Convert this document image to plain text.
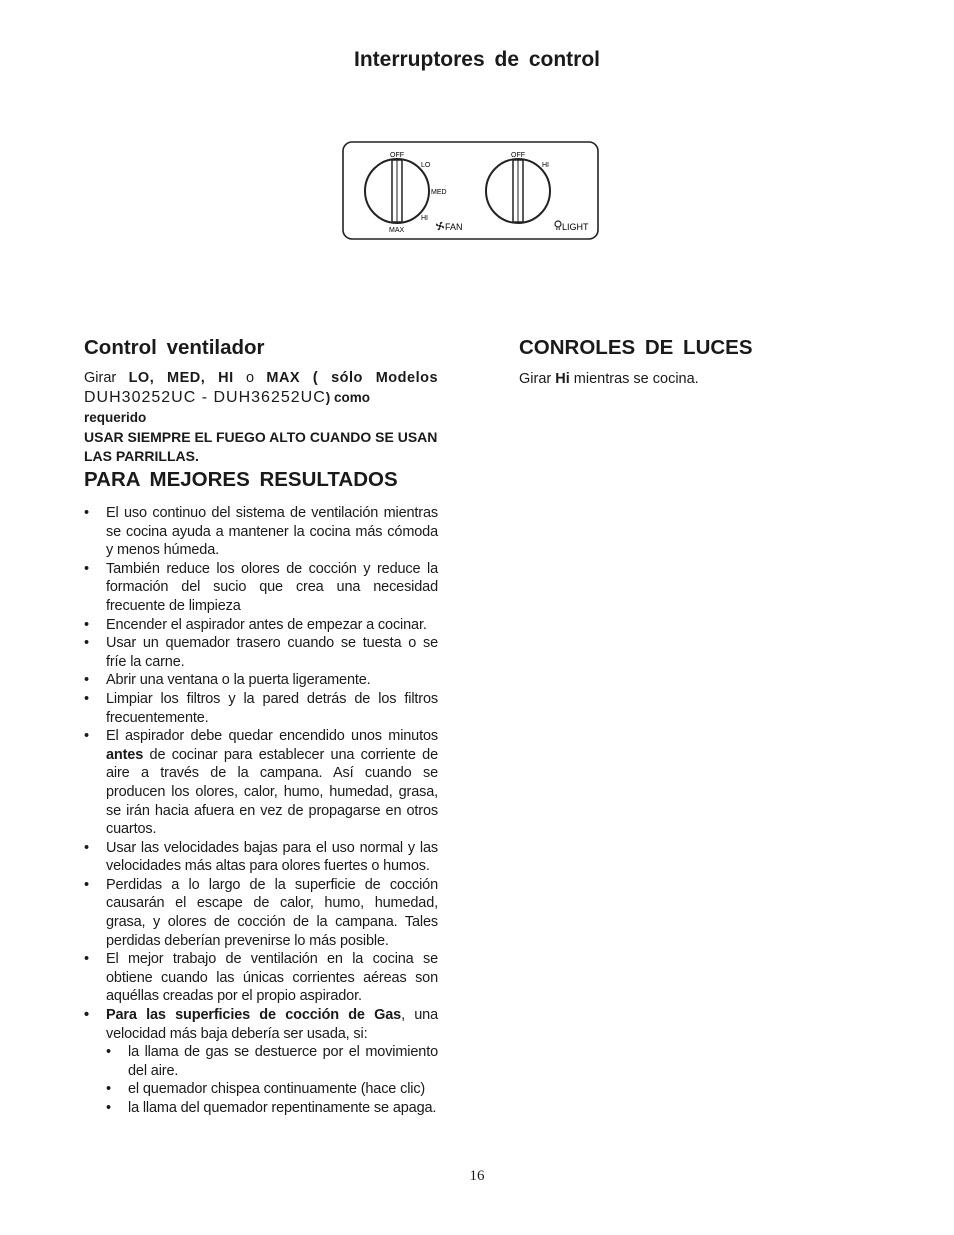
Interruptores de control
OFF
LO
MED
HI
MAX	FAN
OFF
HI
LIGHT
Control ventilador
Girar LO, MED, HI o MAX ( sólo Modelos DUH30252UC - DUH36252UC) como
requerido
USAR SIEMPRE EL FUEGO ALTO CUANDO SE USAN LAS PARRILLAS.
PARA MEJORES RESULTADOS
• El uso continuo del sistema de ventilación mientras se cocina ayuda a mantener la cocina más cómoda y menos húmeda.
• También reduce los olores de cocción y reduce la formación del sucio que crea una necesidad frecuente de limpieza
• Encender el aspirador antes de empezar a cocinar.
• Usar un quemador trasero cuando se tuesta o se fríe la carne.
• Abrir una ventana o la puerta ligeramente.
• Limpiar los filtros y la pared detrás de los filtros frecuentemente.
• El aspirador debe quedar encendido unos minutos antes de cocinar para establecer una corriente de aire a través de la campana. Así cuando se producen los olores, calor, humo, humedad, grasa, se irán hacia afuera en vez de propagarse en otros cuartos.
• Usar las velocidades bajas para el uso normal y las velocidades más altas para olores fuertes o humos.
• Perdidas a lo largo de la superficie de cocción causarán el escape de calor, humo, humedad, grasa, y olores de cocción de la campana. Tales perdidas deberían prevenirse lo más posible.
• El mejor trabajo de ventilación en la cocina se obtiene cuando las únicas corrientes aéreas son aquéllas creadas por el propio aspirador.
• Para las superficies de cocción de Gas, una velocidad más baja debería ser usada, si:
• la llama de gas se destuerce por el movimiento del aire.
• el quemador chispea continuamente (hace clic)
• la llama del quemador repentinamente se apaga.
CONROLES DE LUCES
Girar Hi mientras se cocina.
16
